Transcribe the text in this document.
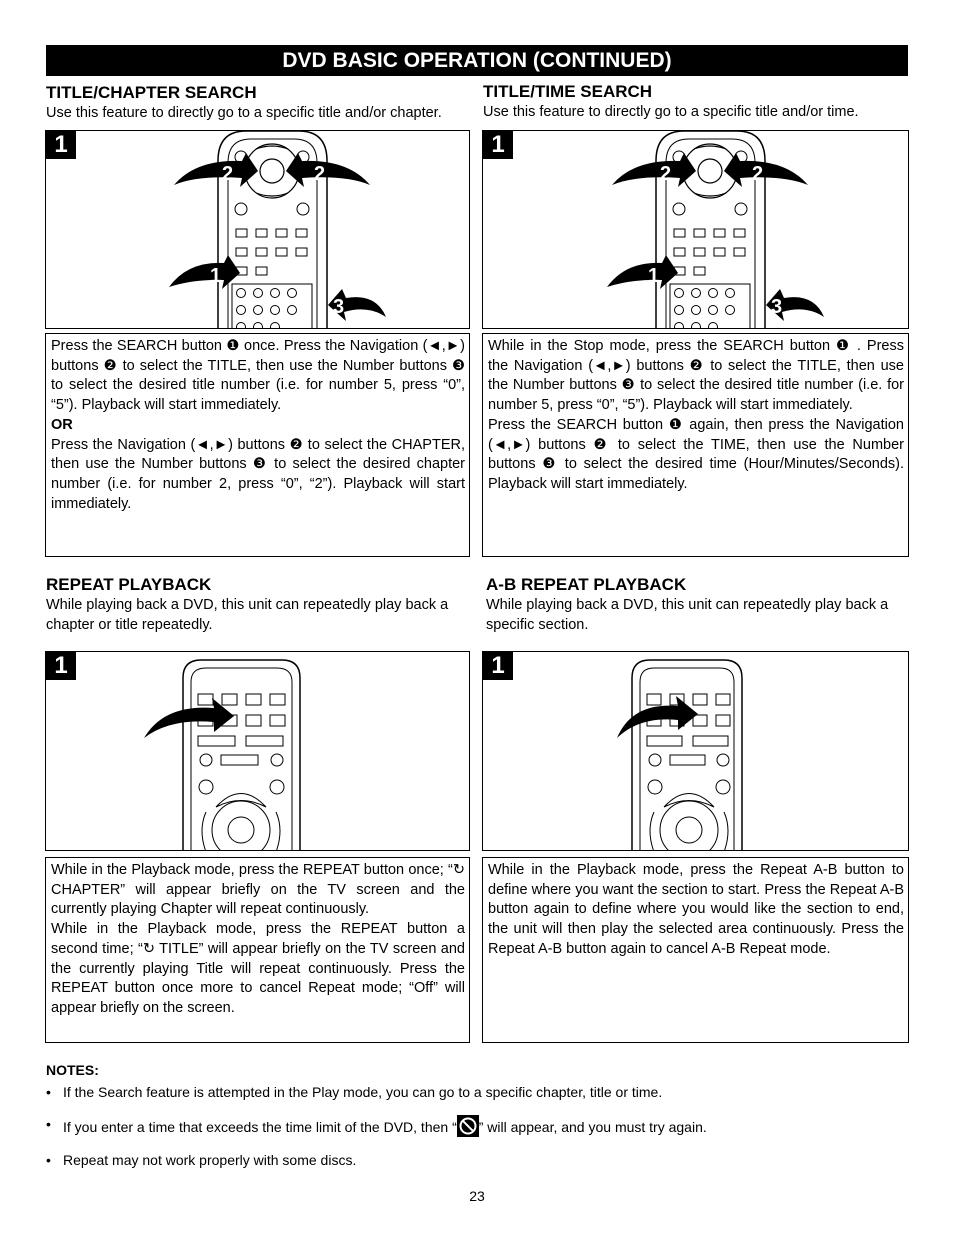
DVD BASIC OPERATION (CONTINUED)
TITLE/CHAPTER SEARCH
Use this feature to directly go to a specific title and/or chapter.
2	2
1
3
1

Press the SEARCH button ❶ once. Press the Navigation (◄,►) buttons ❷ to select the TITLE, then use the Number buttons ❸ to select the desired title number (i.e. for number 5, press “0”, “5”). Playback will start immediately.

OR

Press the Navigation (◄,►) buttons ❷ to select the CHAPTER, then use the Number buttons ❸ to select the desired chapter number (i.e. for number 2, press “0”, “2”). Playback will start immediately.

TITLE/TIME SEARCH
Use this feature to directly go to a specific title and/or time.
2	2
1
3
1

While in the Stop mode, press the SEARCH button ❶ . Press the Navigation (◄,►) buttons ❷ to select the TITLE, then use the Number buttons ❸ to select the desired title number (i.e. for number 5, press “0”, “5”). Playback will start immediately.

Press the SEARCH button ❶ again, then press the Navigation (◄,►) buttons ❷ to select the TIME, then use the Number buttons ❸ to select the desired time (Hour/Minutes/Seconds). Playback will start immediately.

REPEAT PLAYBACK
While playing back a DVD, this unit can repeatedly play back a chapter or title repeatedly.
1

While in the Playback mode, press the REPEAT button once; “↻ CHAPTER” will appear briefly on the TV screen and the currently playing Chapter will repeat continuously.

While in the Playback mode, press the REPEAT button a second time; “↻ TITLE” will appear briefly on the TV screen and the currently playing Title will repeat continuously. Press the REPEAT button once more to cancel Repeat mode; “Off” will appear briefly on the screen.

A-B REPEAT PLAYBACK
While playing back a DVD, this unit can repeatedly play back a specific section.
1

While in the Playback mode, press the Repeat A-B button to define where you want the section to start. Press the Repeat A-B button again to define where you would like the section to end, the unit will then play the selected area continuously. Press the Repeat A-B button again to cancel A-B Repeat mode.

NOTES:
• If the Search feature is attempted in the Play mode, you can go to a specific chapter, title or time.
• If you enter a time that exceeds the time limit of the DVD, then “ ” will appear, and you must try again.
• Repeat may not work properly with some discs.
23
